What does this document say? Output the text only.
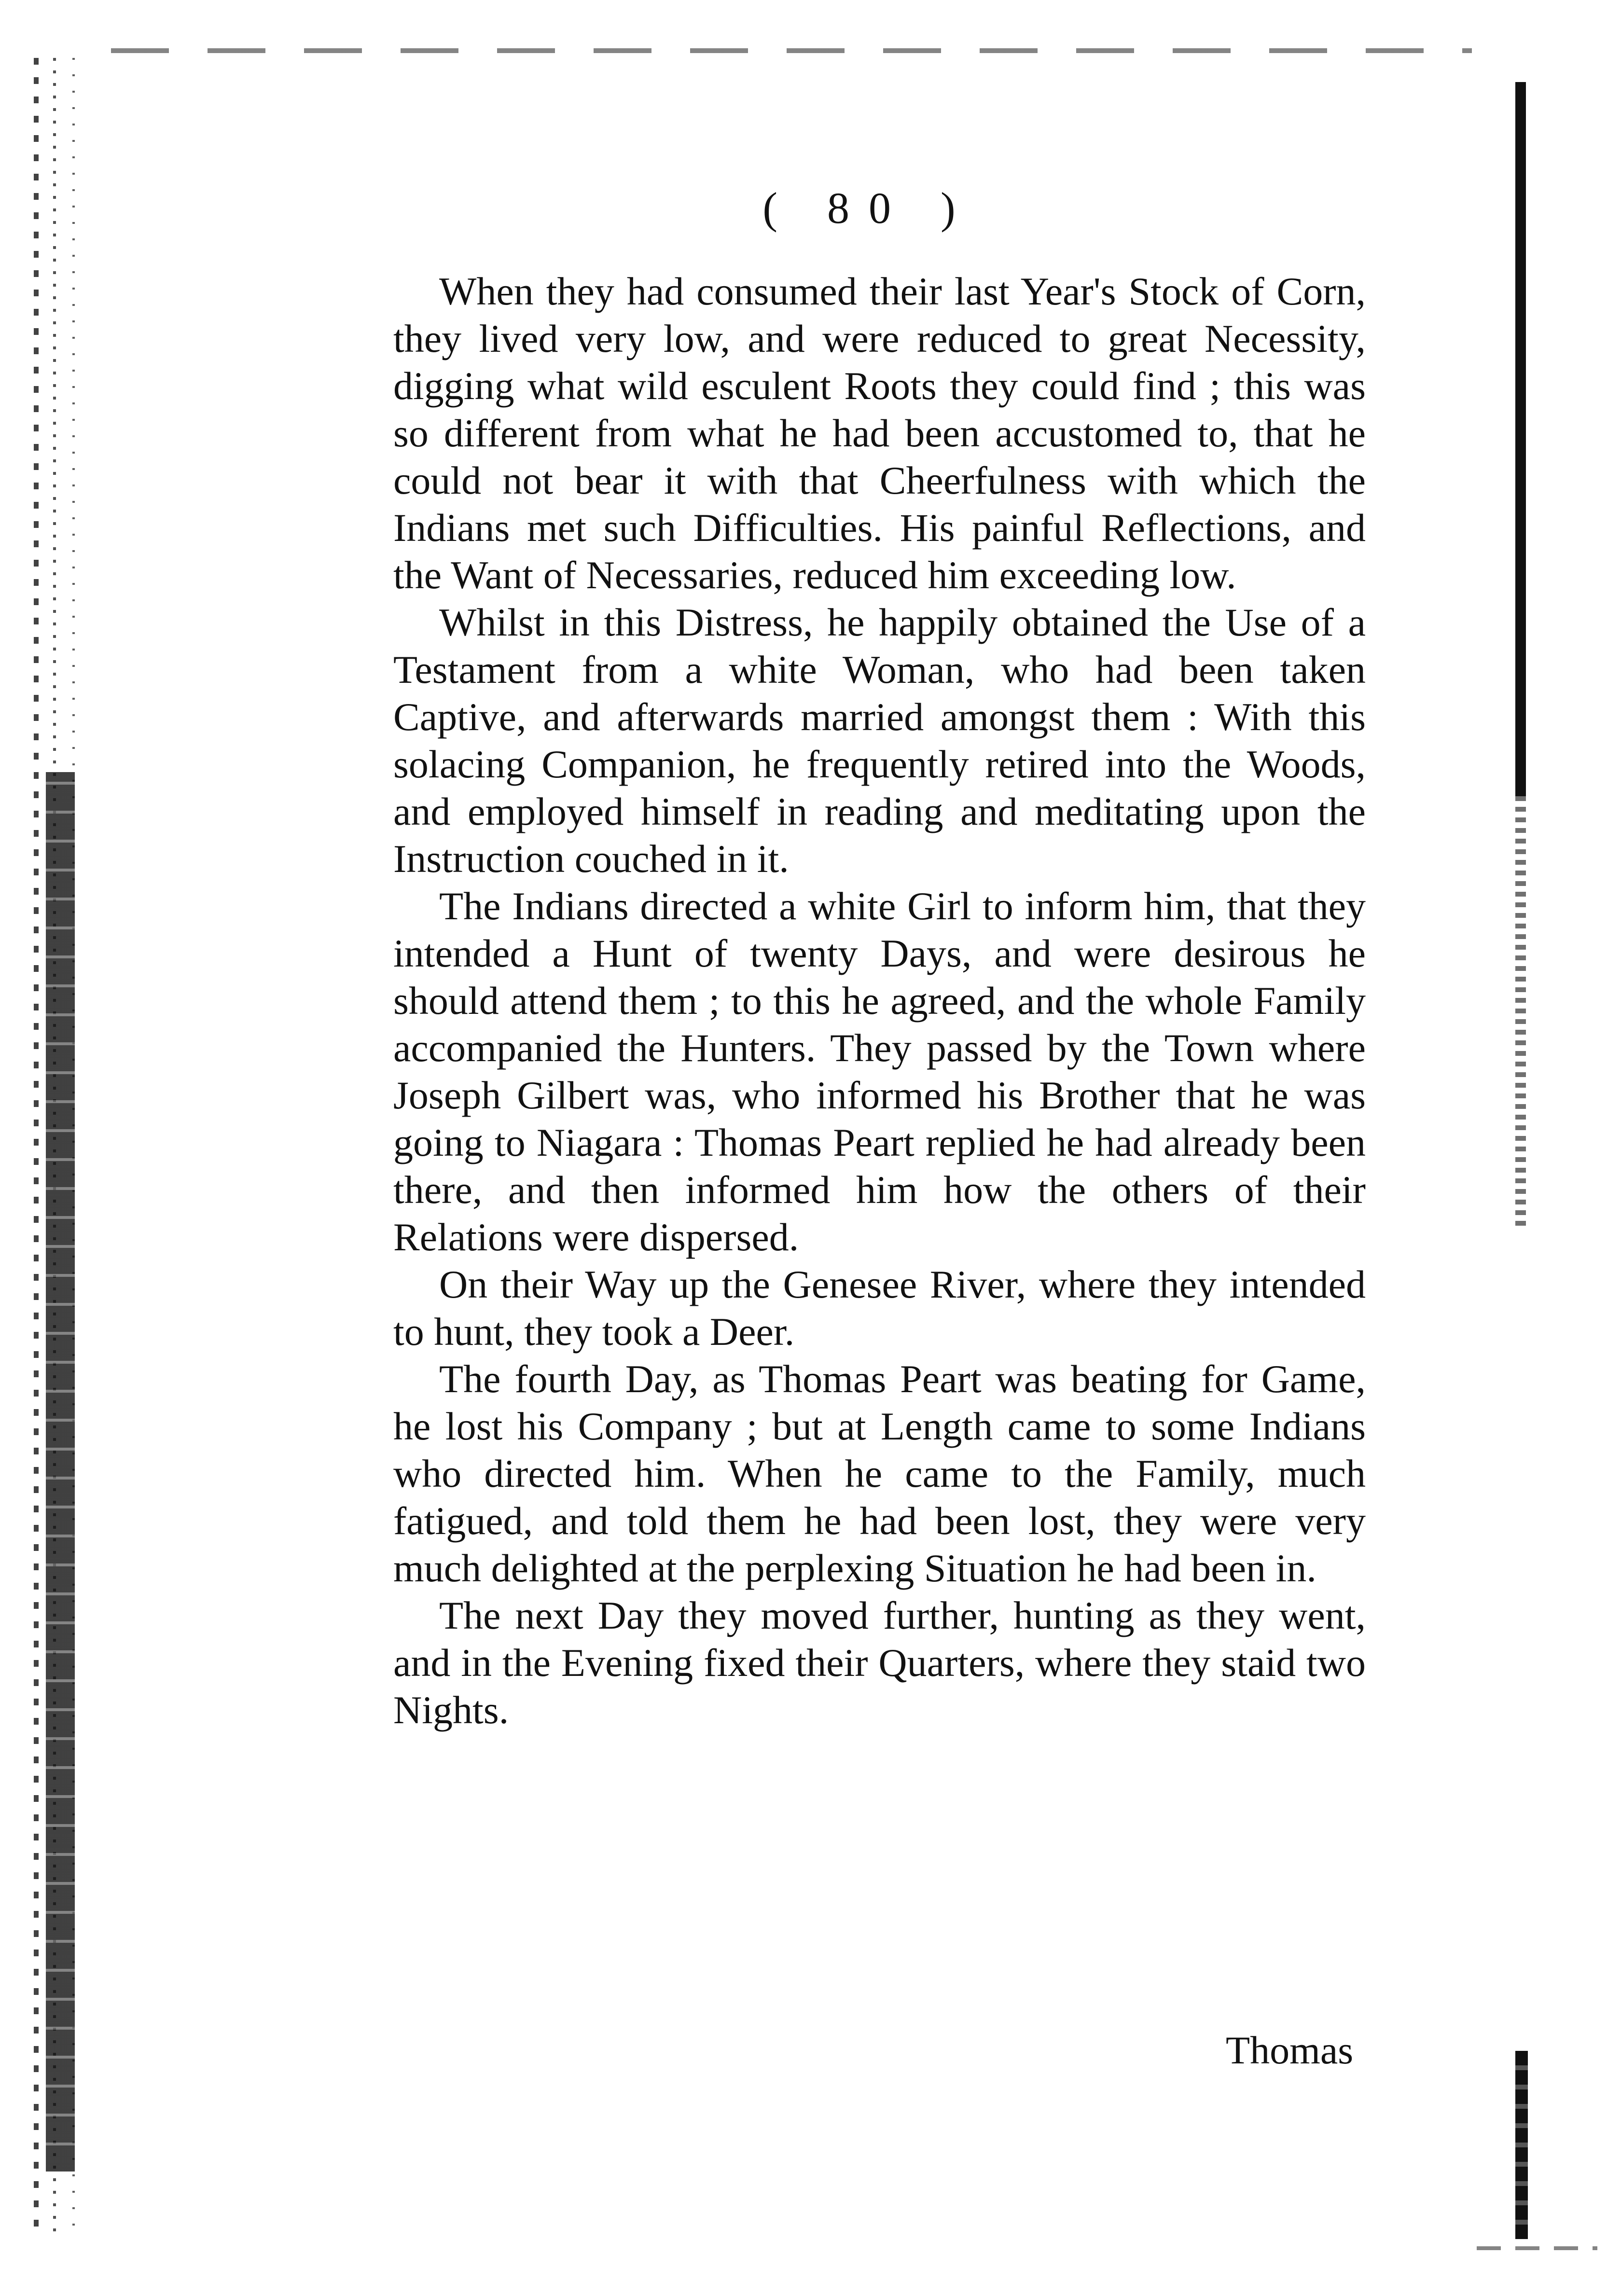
( 80 )

When they had consumed their last Year's Stock of Corn, they lived very low, and were reduced to great Necessity, digging what wild esculent Roots they could find ; this was so different from what he had been accustomed to, that he could not bear it with that Cheerfulness with which the Indians met such Difficulties. His painful Reflections, and the Want of Necessaries, reduced him exceeding low.

Whilst in this Distress, he happily obtained the Use of a Testament from a white Woman, who had been taken Captive, and afterwards married amongst them : With this solacing Companion, he frequently retired into the Woods, and employed himself in reading and meditating upon the Instruction couched in it.

The Indians directed a white Girl to inform him, that they intended a Hunt of twenty Days, and were desirous he should attend them ; to this he agreed, and the whole Family accompanied the Hunters. They passed by the Town where Joseph Gilbert was, who informed his Brother that he was going to Niagara : Thomas Peart replied he had already been there, and then informed him how the others of their Relations were dispersed.

On their Way up the Genesee River, where they intended to hunt, they took a Deer.

The fourth Day, as Thomas Peart was beating for Game, he lost his Company ; but at Length came to some Indians who directed him. When he came to the Family, much fatigued, and told them he had been lost, they were very much delighted at the perplexing Situation he had been in.

The next Day they moved further, hunting as they went, and in the Evening fixed their Quarters, where they staid two Nights.

Thomas
